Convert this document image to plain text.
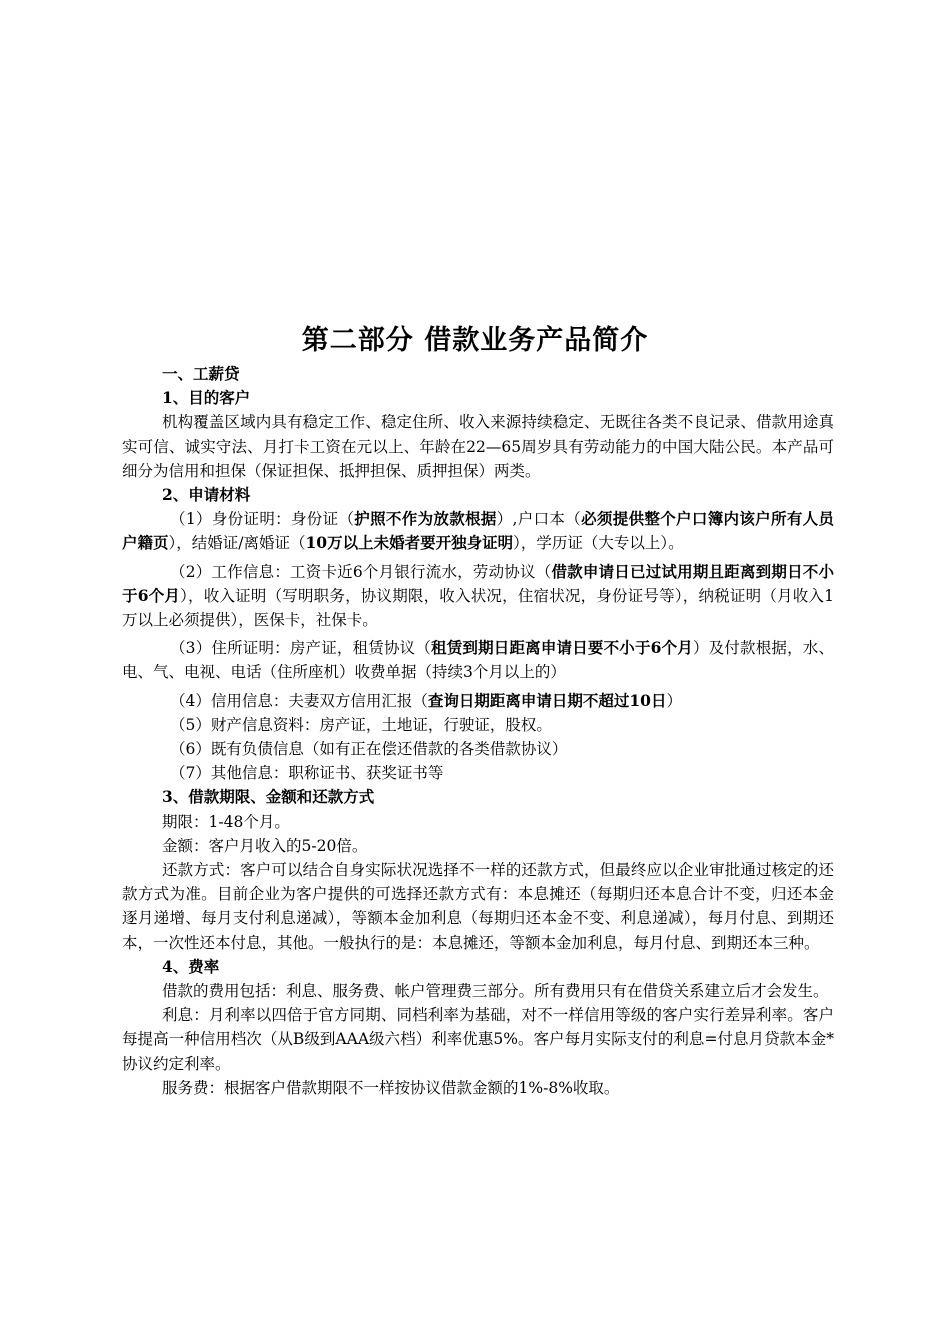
第二部分 借款业务产品简介

一、工薪贷

1、目的客户

机构覆盖区域内具有稳定工作、稳定住所、收入来源持续稳定、无既往各类不良记录、借款用途真实可信、诚实守法、月打卡工资在元以上、年龄在22—65周岁具有劳动能力的中国大陆公民。本产品可细分为信用和担保（保证担保、抵押担保、质押担保）两类。

2、申请材料

（1）身份证明：身份证（护照不作为放款根据）,户口本（必须提供整个户口簿内该户所有人员户籍页），结婚证/离婚证（10万以上未婚者要开独身证明），学历证（大专以上）。

（2）工作信息：工资卡近6个月银行流水，劳动协议（借款申请日已过试用期且距离到期日不小于6个月），收入证明（写明职务，协议期限，收入状况，住宿状况，身份证号等），纳税证明（月收入1万以上必须提供），医保卡，社保卡。

（3）住所证明：房产证，租赁协议（租赁到期日距离申请日要不小于6个月）及付款根据，水、电、气、电视、电话（住所座机）收费单据（持续3个月以上的）

（4）信用信息：夫妻双方信用汇报（查询日期距离申请日期不超过10日）

（5）财产信息资料：房产证，土地证，行驶证，股权。

（6）既有负债信息（如有正在偿还借款的各类借款协议）

（7）其他信息：职称证书、获奖证书等

3、借款期限、金额和还款方式

期限：1-48个月。

金额：客户月收入的5-20倍。

还款方式：客户可以结合自身实际状况选择不一样的还款方式，但最终应以企业审批通过核定的还款方式为准。目前企业为客户提供的可选择还款方式有：本息摊还（每期归还本息合计不变，归还本金逐月递增、每月支付利息递减），等额本金加利息（每期归还本金不变、利息递减），每月付息、到期还本，一次性还本付息，其他。一般执行的是：本息摊还，等额本金加利息，每月付息、到期还本三种。

4、费率

借款的费用包括：利息、服务费、帐户管理费三部分。所有费用只有在借贷关系建立后才会发生。

利息：月利率以四倍于官方同期、同档利率为基础，对不一样信用等级的客户实行差异利率。客户每提高一种信用档次（从B级到AAA级六档）利率优惠5%。客户每月实际支付的利息=付息月贷款本金*协议约定利率。

服务费：根据客户借款期限不一样按协议借款金额的1%-8%收取。
